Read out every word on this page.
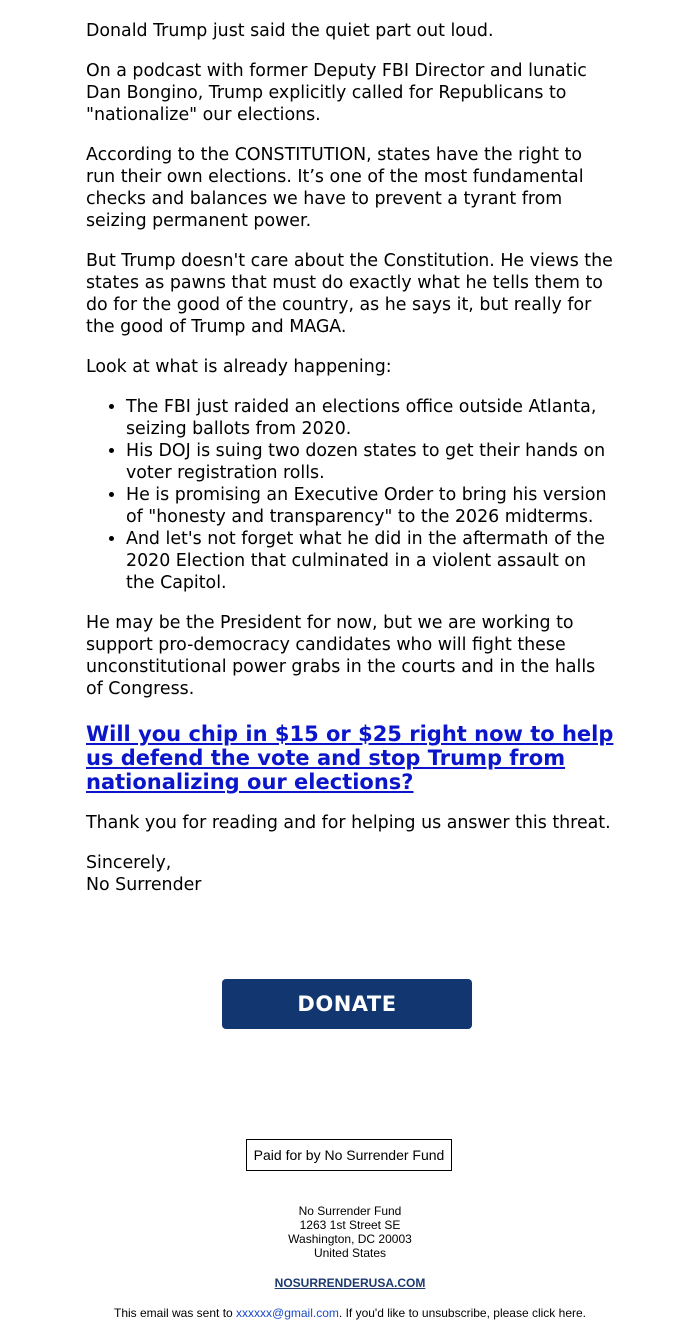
Donald Trump just said the quiet part out loud.

On a podcast with former Deputy FBI Director and lunatic Dan Bongino, Trump explicitly called for Republicans to "nationalize" our elections.

According to the CONSTITUTION, states have the right to run their own elections. It’s one of the most fundamental checks and balances we have to prevent a tyrant from seizing permanent power.

But Trump doesn't care about the Constitution. He views the states as pawns that must do exactly what he tells them to do for the good of the country, as he says it, but really for the good of Trump and MAGA.

Look at what is already happening:

• The FBI just raided an elections office outside Atlanta, seizing ballots from 2020.
• His DOJ is suing two dozen states to get their hands on voter registration rolls.
• He is promising an Executive Order to bring his version of "honesty and transparency" to the 2026 midterms.
• And let's not forget what he did in the aftermath of the 2020 Election that culminated in a violent assault on the Capitol.

He may be the President for now, but we are working to support pro-democracy candidates who will fight these unconstitutional power grabs in the courts and in the halls of Congress.

Will you chip in $15 or $25 right now to help us defend the vote and stop Trump from nationalizing our elections?

Thank you for reading and for helping us answer this threat.

Sincerely,
No Surrender

DONATE
Paid for by No Surrender Fund
No Surrender Fund
1263 1st Street SE
Washington, DC 20003
United States
NOSURRENDERUSA.COM
This email was sent to xxxxxx@gmail.com. If you'd like to unsubscribe, please click here.
